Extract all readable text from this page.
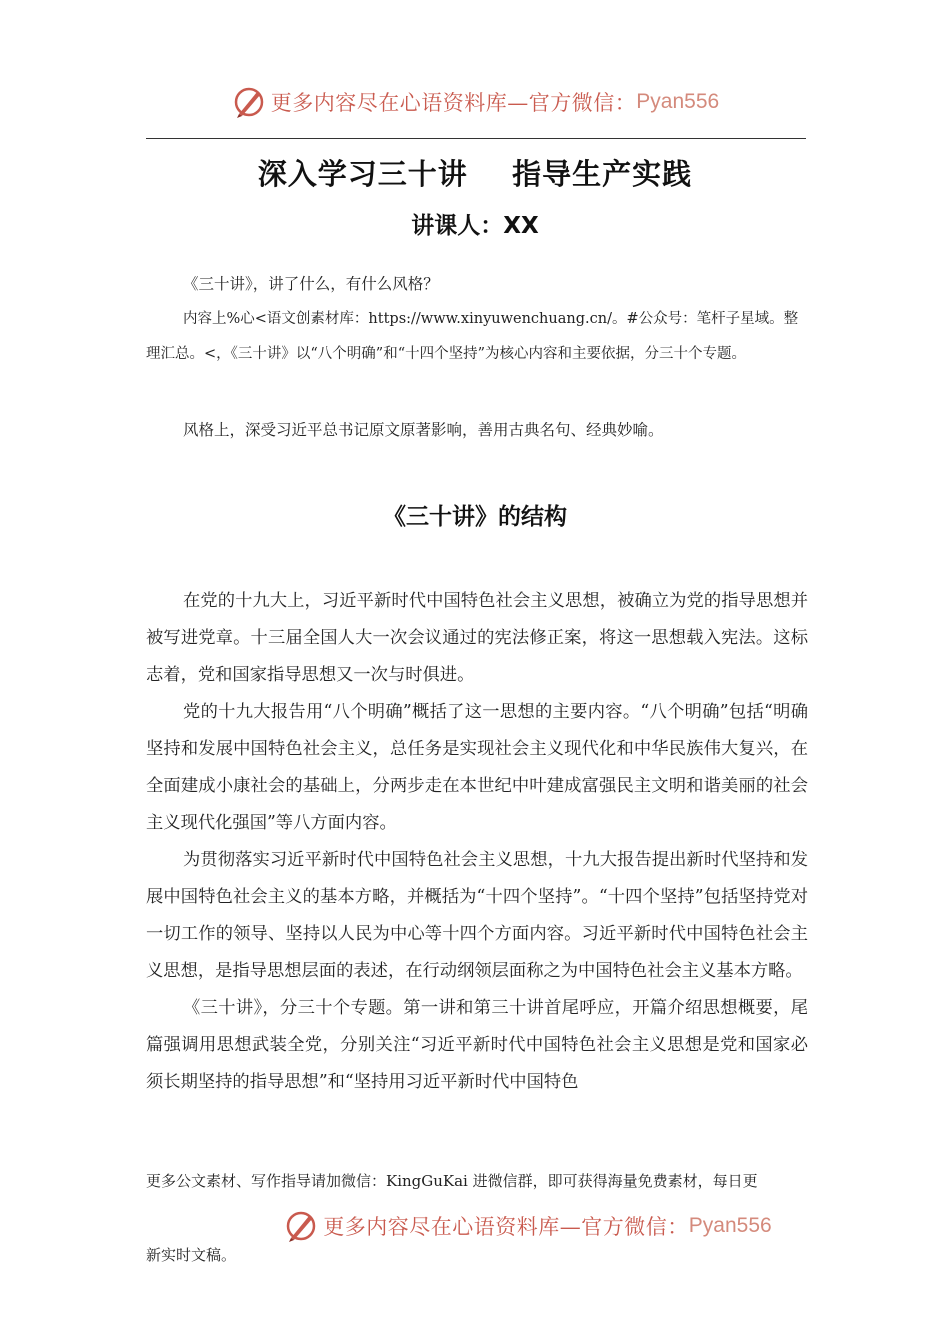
更多内容尽在心语资料库—官方微信： Pyan556
深入学习三十讲    指导生产实践
讲课人：XX

《三十讲》，讲了什么，有什么风格？

内容上%心<语文创素材库：https://www.xinyuwenchuang.cn/。#公众号：笔杆子星域。整理汇总。<，《三十讲》以“八个明确”和“十四个坚持”为核心内容和主要依据，分三十个专题。

风格上，深受习近平总书记原文原著影响，善用古典名句、经典妙喻。

《三十讲》的结构

在党的十九大上，习近平新时代中国特色社会主义思想，被确立为党的指导思想并被写进党章。十三届全国人大一次会议通过的宪法修正案，将这一思想载入宪法。这标志着，党和国家指导思想又一次与时俱进。

党的十九大报告用“八个明确”概括了这一思想的主要内容。“八个明确”包括“明确坚持和发展中国特色社会主义，总任务是实现社会主义现代化和中华民族伟大复兴，在全面建成小康社会的基础上，分两步走在本世纪中叶建成富强民主文明和谐美丽的社会主义现代化强国”等八方面内容。

为贯彻落实习近平新时代中国特色社会主义思想，十九大报告提出新时代坚持和发展中国特色社会主义的基本方略，并概括为“十四个坚持”。“十四个坚持”包括坚持党对一切工作的领导、坚持以人民为中心等十四个方面内容。习近平新时代中国特色社会主义思想，是指导思想层面的表述，在行动纲领层面称之为中国特色社会主义基本方略。

《三十讲》，分三十个专题。第一讲和第三十讲首尾呼应，开篇介绍思想概要，尾篇强调用思想武装全党，分别关注“习近平新时代中国特色社会主义思想是党和国家必须长期坚持的指导思想”和“坚持用习近平新时代中国特色

更多公文素材、写作指导请加微信：KingGuKai 进微信群，即可获得海量免费素材，每日更
更多内容尽在心语资料库—官方微信： Pyan556
新实时文稿。
